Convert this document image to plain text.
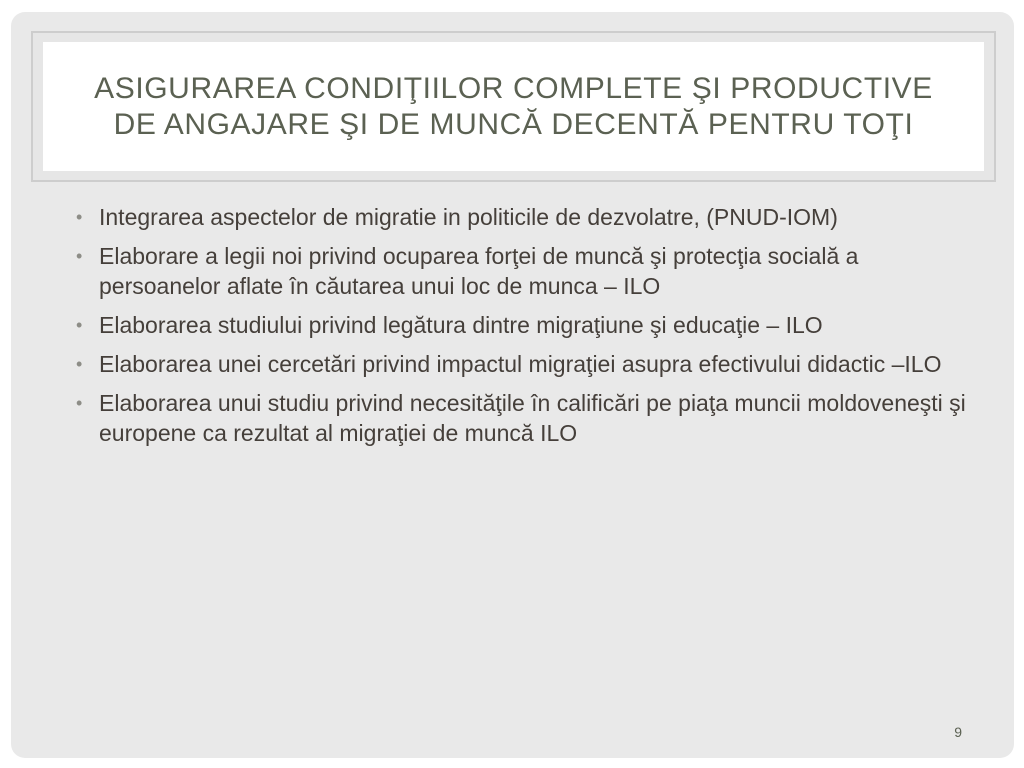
ASIGURAREA CONDIŢIILOR COMPLETE ŞI PRODUCTIVE DE ANGAJARE ŞI DE MUNCĂ DECENTĂ PENTRU TOŢI
• Integrarea aspectelor de migratie in politicile de dezvolatre, (PNUD-IOM)
• Elaborare a legii noi privind ocuparea forţei de muncă şi protecţia socială a persoanelor aflate în căutarea unui loc de munca – ILO
• Elaborarea studiului privind legătura dintre migraţiune şi educaţie – ILO
• Elaborarea unei cercetări privind impactul migraţiei asupra efectivului didactic –ILO
• Elaborarea unui studiu privind necesităţile în calificări pe piaţa muncii moldoveneşti şi europene ca rezultat al migraţiei de muncă ILO
9
